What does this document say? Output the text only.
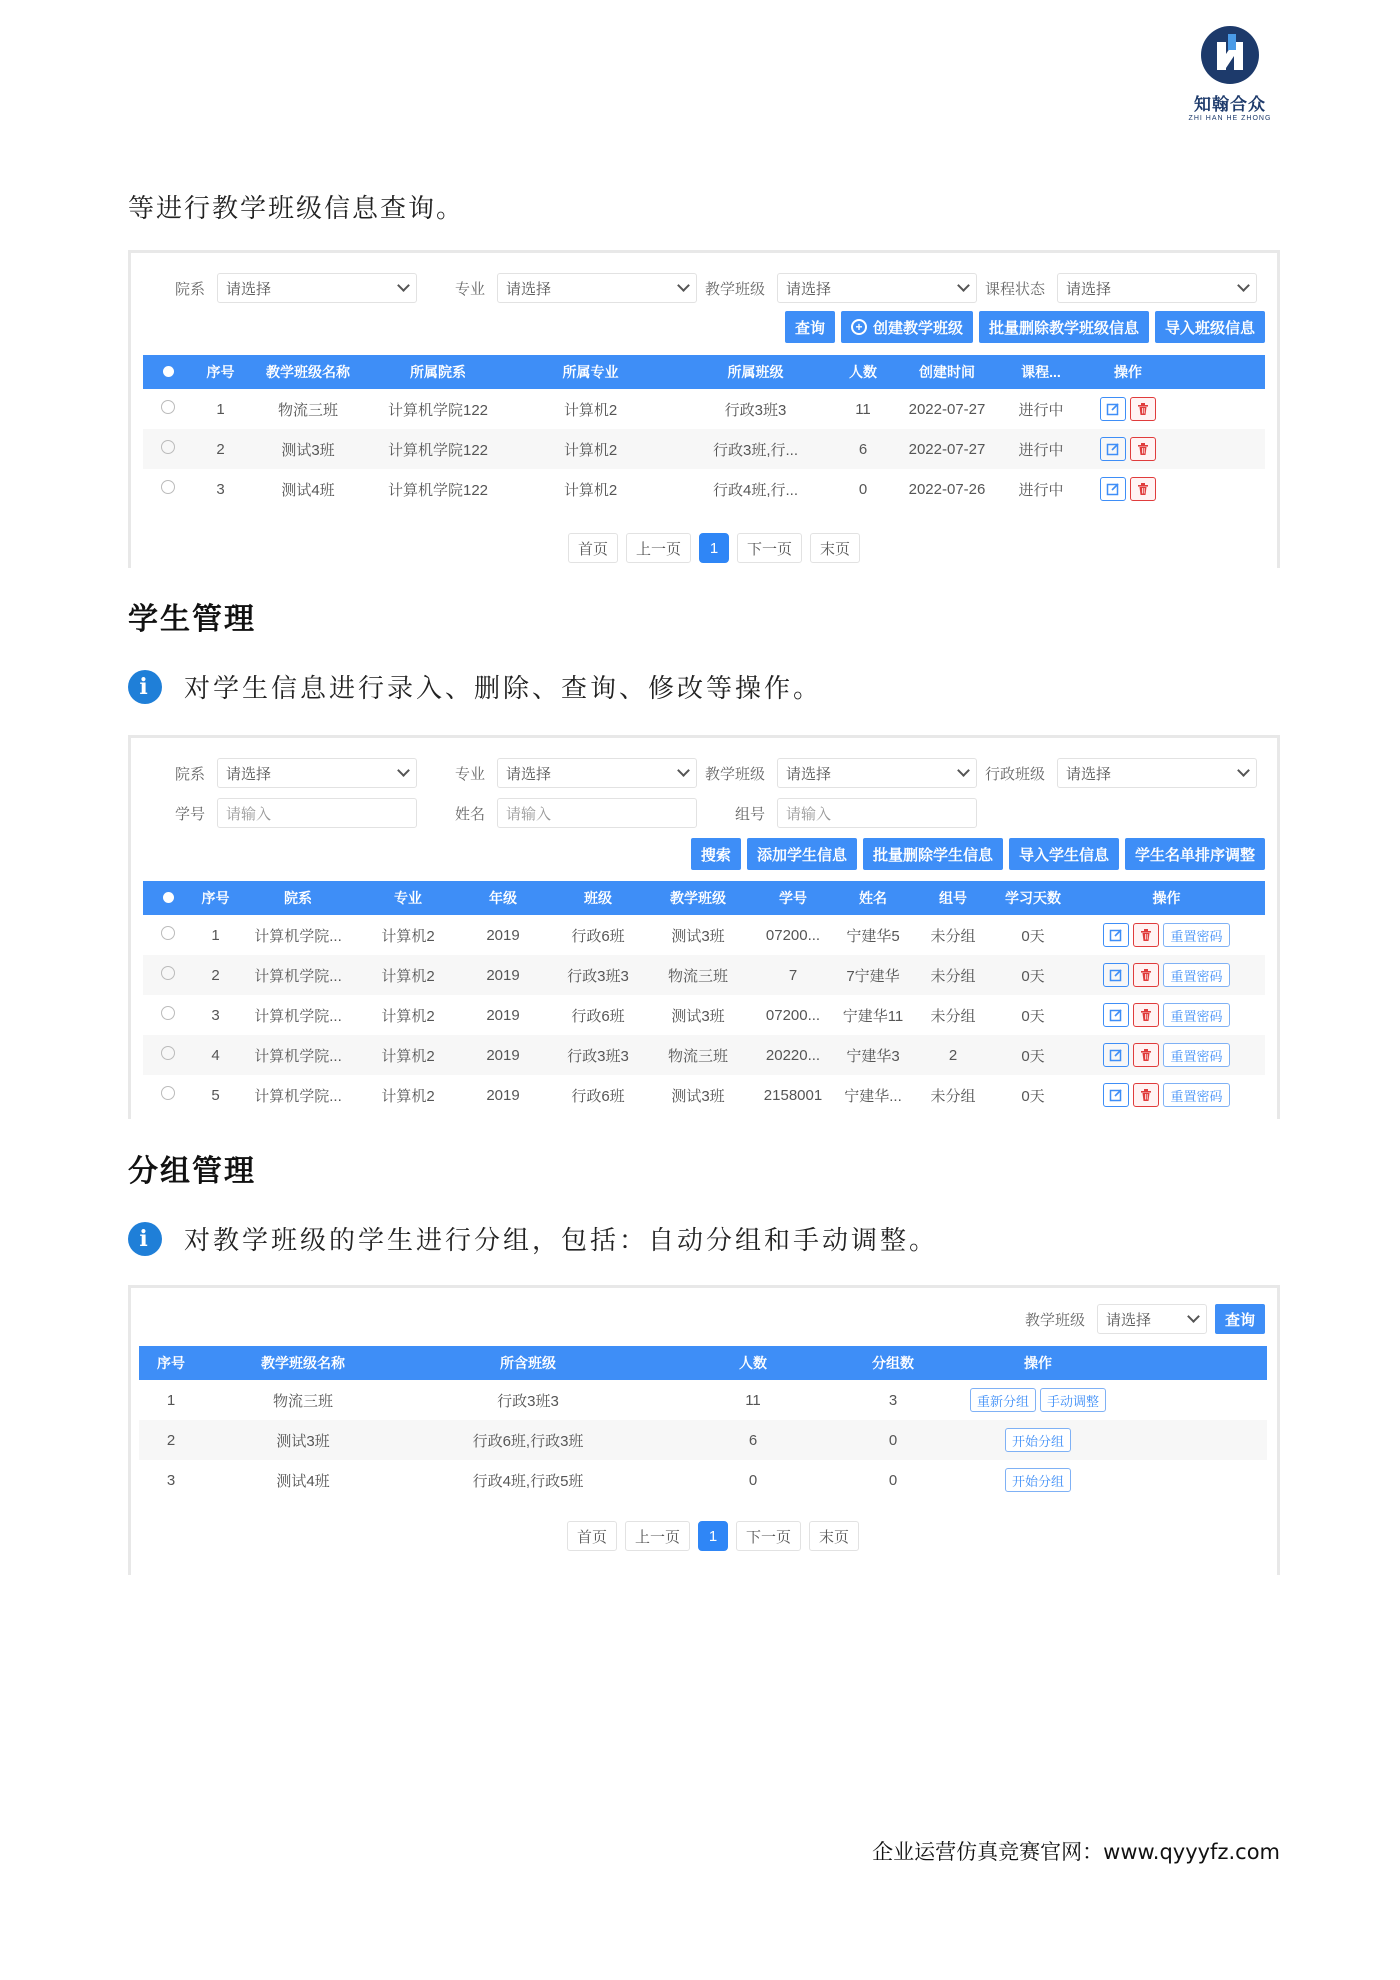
知翰合众
ZHI HAN HE ZHONG
等进行教学班级信息查询。
院系	请选择	专业	请选择	教学班级	请选择	课程状态	请选择
查询	+ 创建教学班级	批量删除教学班级信息	导入班级信息
序号	教学班级名称	所属院系	所属专业	所属班级	人数	创建时间	课程...	操作
1	物流三班	计算机学院122	计算机2	行政3班3	11	2022-07-27	进行中
2	测试3班	计算机学院122	计算机2	行政3班,行...	6	2022-07-27	进行中
3	测试4班	计算机学院122	计算机2	行政4班,行...	0	2022-07-26	进行中
首页	上一页	1	下一页	末页
学生管理
i	对学生信息进行录入、删除、查询、修改等操作。
院系	请选择	专业	请选择	教学班级	请选择	行政班级	请选择
学号	请输入	姓名	请输入	组号	请输入
搜索	添加学生信息	批量删除学生信息	导入学生信息	学生名单排序调整
序号	院系	专业	年级	班级	教学班级	学号	姓名	组号	学习天数	操作
1	计算机学院...	计算机2	2019	行政6班	测试3班	07200...	宁建华5	未分组	0天	重置密码
2	计算机学院...	计算机2	2019	行政3班3	物流三班	7	7宁建华	未分组	0天	重置密码
3	计算机学院...	计算机2	2019	行政6班	测试3班	07200...	宁建华11	未分组	0天	重置密码
4	计算机学院...	计算机2	2019	行政3班3	物流三班	20220...	宁建华3	2	0天	重置密码
5	计算机学院...	计算机2	2019	行政6班	测试3班	2158001	宁建华...	未分组	0天	重置密码
分组管理
i	对教学班级的学生进行分组，包括：自动分组和手动调整。
教学班级	请选择	查询
序号	教学班级名称	所含班级	人数	分组数	操作
1	物流三班	行政3班3	11	3	重新分组	手动调整
2	测试3班	行政6班,行政3班	6	0	开始分组
3	测试4班	行政4班,行政5班	0	0	开始分组
首页	上一页	1	下一页	末页
企业运营仿真竞赛官网：www.qyyyfz.com
